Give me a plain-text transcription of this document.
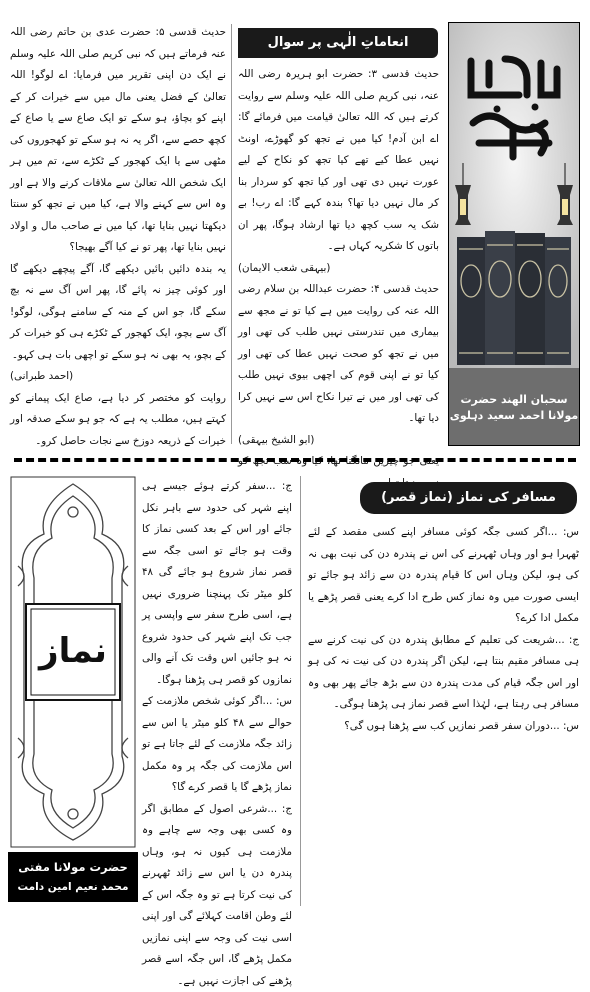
سحبان الھند حضرت
مولانا احمد سعید دہلوی
انعاماتِ الٰہی پر سوال

حدیث قدسی ۳: حضرت ابو ہریرہ رضی اللہ عنہ، نبی کریم صلی اللہ علیہ وسلم سے روایت کرتے ہیں کہ اللہ تعالیٰ قیامت میں فرمائے گا: اے ابن آدم! کیا میں نے تجھ کو گھوڑے، اونٹ نہیں عطا کیے تھے کیا تجھ کو نکاح کے لیے عورت نہیں دی تھی اور کیا تجھ کو سردار بنا کر مال نہیں دیا تھا؟ بندہ کہے گا: اے رب! بے شک یہ سب کچھ دیا تھا ارشاد ہوگا، پھر ان باتوں کا شکریہ کہاں ہے۔

(بیہقی شعب الایمان)

حدیث قدسی ۴: حضرت عبداللہ بن سلام رضی اللہ عنہ کی روایت میں ہے کیا تو نے مجھ سے بیماری میں تندرستی نہیں طلب کی تھی اور میں نے تجھ کو صحت نہیں عطا کی تھی اور کیا تو نے اپنی قوم کی اچھی بیوی نہیں طلب کی تھی اور میں نے تیرا نکاح اس سے نہیں کرا دیا تھا۔

(ابو الشیخ بیہقی)

یعنی جو چیزیں مانگتا تھا، کیا وہ سب تجھ کو

حدیث قدسی ۵: حضرت عدی بن حاتم رضی اللہ عنہ فرماتے ہیں کہ نبی کریم صلی اللہ علیہ وسلم نے ایک دن اپنی تقریر میں فرمایا: اے لوگو! اللہ تعالیٰ کے فضل یعنی مال میں سے خیرات کر کے اپنے کو بچاؤ، ہو سکے تو ایک صاع سے یا صاع کے کچھ حصے سے، اگر یہ نہ ہو سکے تو کھجوروں کی مٹھی سے یا ایک کھجور کے ٹکڑے سے، تم میں ہر ایک شخص اللہ تعالیٰ سے ملاقات کرنے والا ہے اور وہ اس سے کہنے والا ہے، کیا میں نے تجھ کو سنتا دیکھتا نہیں بنایا تھا، کیا میں نے صاحب مال و اولاد نہیں بنایا تھا، پھر تو نے کیا آگے بھیجا؟

یہ بندہ دائیں بائیں دیکھے گا، آگے پیچھے دیکھے گا اور کوئی چیز نہ پائے گا، پھر اس آگ سے نہ بچ سکے گا، جو اس کے منہ کے سامنے ہوگی، لوگو! آگ سے بچو، ایک کھجور کے ٹکڑے ہی کو خیرات کر کے بچو، یہ بھی نہ ہو سکے تو اچھی بات ہی کہو۔

(احمد طبرانی)

روایت کو مختصر کر دیا ہے، صاع ایک پیمانے کو کہتے ہیں، مطلب یہ ہے کہ جو ہو سکے صدقہ اور خیرات کے ذریعہ دوزخ سے نجات حاصل کرو۔

مسافر کی نماز (نماز قصر)

س: ...اگر کسی جگہ کوئی مسافر اپنے کسی مقصد کے لئے ٹھہرا ہو اور وہاں ٹھہرنے کی اس نے پندرہ دن کی نیت بھی نہ کی ہو، لیکن وہاں اس کا قیام پندرہ دن سے زائد ہو جائے تو ایسی صورت میں وہ نماز کس طرح ادا کرے یعنی قصر پڑھے یا مکمل ادا کرے؟

ج: ...شریعت کی تعلیم کے مطابق پندرہ دن کی نیت کرنے سے ہی مسافر مقیم بنتا ہے، لیکن اگر پندرہ دن کی نیت نہ کی ہو اور اس جگہ قیام کی مدت پندرہ دن سے بڑھ جائے پھر بھی وہ مسافر ہی رہتا ہے، لہٰذا اسے قصر نماز ہی پڑھنا ہوگی۔

س: ...دوران سفر قصر نمازیں کب سے پڑھنا ہوں گی؟

ج: ...سفر کرتے ہوئے جیسے ہی اپنے شہر کی حدود سے باہر نکل جائے اور اس کے بعد کسی نماز کا وقت ہو جائے تو اسی جگہ سے قصر نماز شروع ہو جائے گی ۴۸ کلو میٹر تک پہنچنا ضروری نہیں ہے، اسی طرح سفر سے واپسی پر جب تک اپنے شہر کی حدود شروع نہ ہو جائیں اس وقت تک آنے والی نمازوں کو قصر ہی پڑھنا ہوگا۔

س: ...اگر کوئی شخص ملازمت کے حوالے سے ۴۸ کلو میٹر یا اس سے زائد جگہ ملازمت کے لئے جاتا ہے تو اس ملازمت کی جگہ پر وہ مکمل نماز پڑھے گا یا قصر کرے گا؟

ج: ...شرعی اصول کے مطابق اگر وہ کسی بھی وجہ سے چاہے وہ ملازمت ہی کیوں نہ ہو، وہاں پندرہ دن یا اس سے زائد ٹھہرنے کی نیت کرتا ہے تو وہ جگہ اس کے لئے وطن اقامت کہلائے گی اور اپنی اسی نیت کی وجہ سے اپنی نمازیں مکمل پڑھے گا، اس جگہ اسے قصر پڑھنے کی اجازت نہیں ہے۔

نماز
حضرت مولانا مفتی
محمد نعیم امین دامت برکاتہم
